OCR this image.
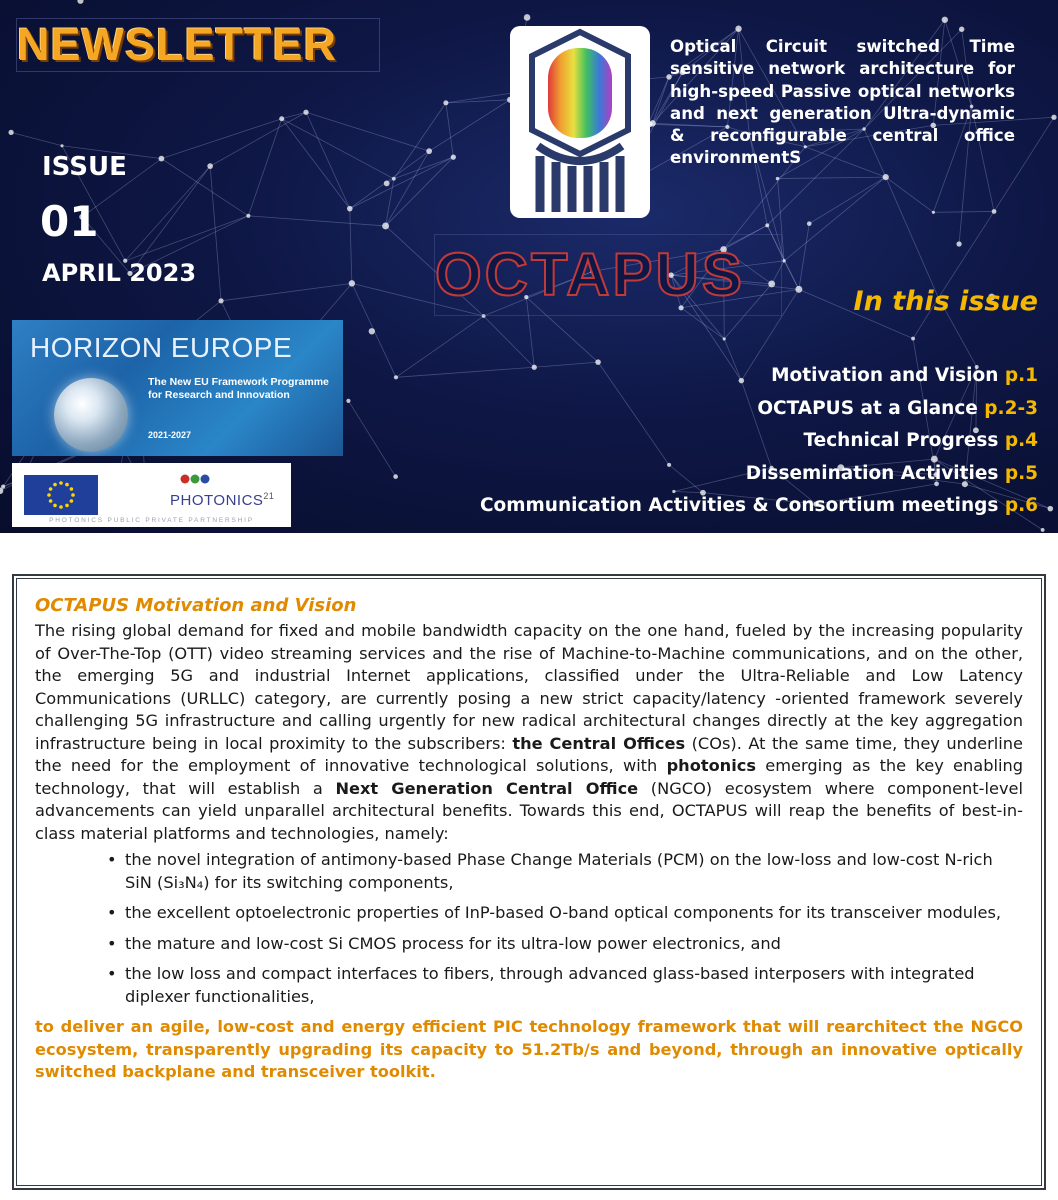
NEWSLETTER
ISSUE
01
APRIL 2023	OCTAPUS
Optical Circuit switched Time sensitive network architecture for high-speed Passive optical networks and next generation Ultra-dynamic & reconfigurable central office environmentS
In this issue
Motivation and Vision p.1
OCTAPUS at a Glance p.2-3
Technical Progress p.4
Dissemination Activities p.5
Communication Activities & Consortium meetings p.6
HORIZON EUROPE
The New EU Framework Programme for Research and Innovation
2021-2027
PHOTONICS$^{21}$
PHOTONICS PUBLIC PRIVATE PARTNERSHIP
OCTAPUS Motivation and Vision

The rising global demand for fixed and mobile bandwidth capacity on the one hand, fueled by the increasing popularity of Over-The-Top (OTT) video streaming services and the rise of Machine-to-Machine communications, and on the other, the emerging 5G and industrial Internet applications, classified under the Ultra-Reliable and Low Latency Communications (URLLC) category, are currently posing a new strict capacity/latency -oriented framework severely challenging 5G infrastructure and calling urgently for new radical architectural changes directly at the key aggregation infrastructure being in local proximity to the subscribers: the Central Offices (COs). At the same time, they underline the need for the employment of innovative technological solutions, with photonics emerging as the key enabling technology, that will establish a Next Generation Central Office (NGCO) ecosystem where component-level advancements can yield unparallel architectural benefits. Towards this end, OCTAPUS will reap the benefits of best-in-class material platforms and technologies, namely:

• the novel integration of antimony-based Phase Change Materials (PCM) on the low-loss and low-cost N-rich SiN (Si₃N₄) for its switching components,
• the excellent optoelectronic properties of InP-based O-band optical components for its transceiver modules,
• the mature and low-cost Si CMOS process for its ultra-low power electronics, and
• the low loss and compact interfaces to fibers, through advanced glass-based interposers with integrated diplexer functionalities,

to deliver an agile, low-cost and energy efficient PIC technology framework that will rearchitect the NGCO ecosystem, transparently upgrading its capacity to 51.2Tb/s and beyond, through an innovative optically switched backplane and transceiver toolkit.
